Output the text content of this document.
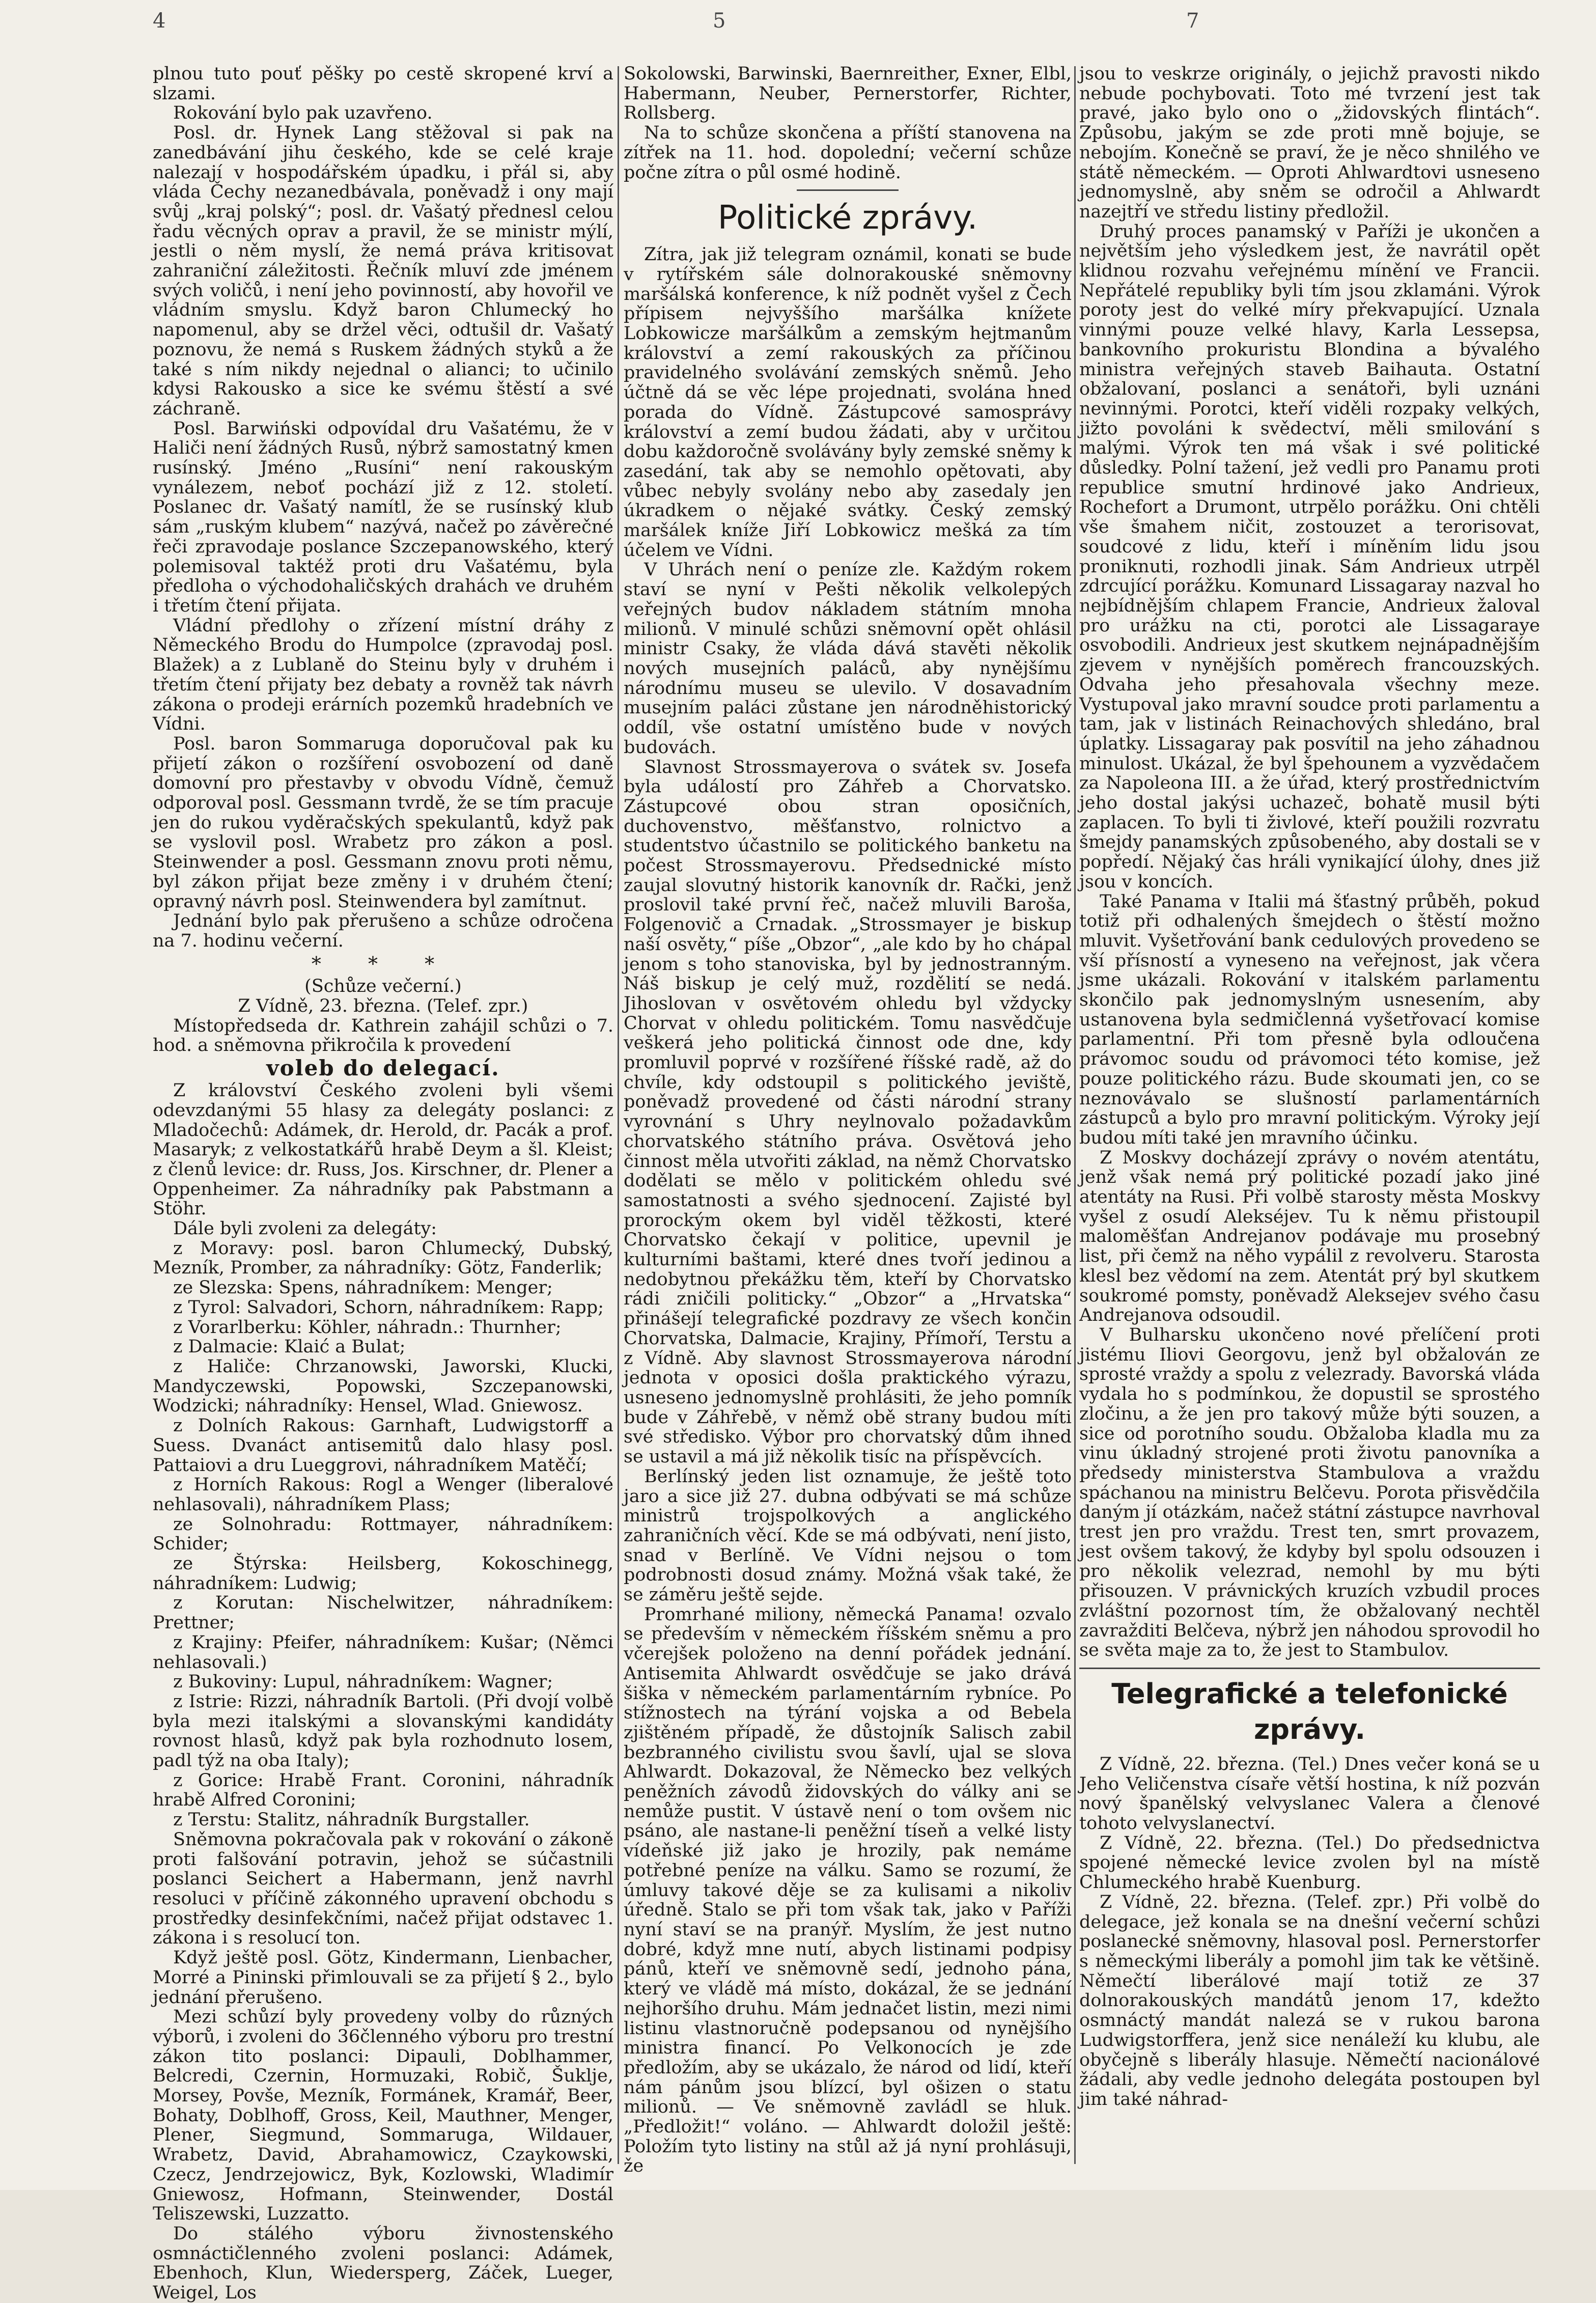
4	5	7

plnou tuto pouť pěšky po cestě skropené krví a slzami.

Rokování bylo pak uzavřeno.

Posl. dr. Hynek Lang stěžoval si pak na zanedbávání jihu českého, kde se celé kraje nalezají v hospodářském úpadku, i přál si, aby vláda Čechy nezanedbávala, poněvadž i ony mají svůj „kraj polský“; posl. dr. Vašatý přednesl celou řadu věcných oprav a pravil, že se ministr mýlí, jestli o něm myslí, že nemá práva kritisovat zahraniční záležitosti. Řečník mluví zde jménem svých voličů, i není jeho povinností, aby hovořil ve vládním smyslu. Když baron Chlumecký ho napomenul, aby se držel věci, odtušil dr. Vašatý poznovu, že nemá s Ruskem žádných styků a že také s ním nikdy nejednal o alianci; to učinilo kdysi Rakousko a sice ke svému štěstí a své záchraně.

Posl. Barwiński odpovídal dru Vašatému, že v Haliči není žádných Rusů, nýbrž samostatný kmen rusínský. Jméno „Rusíni“ není rakouským vynálezem, neboť pochází již z 12. století. Poslanec dr. Vašatý namítl, že se rusínský klub sám „ruským klubem“ nazývá, načež po závěrečné řeči zpravodaje poslance Szczepanowského, který polemisoval taktéž proti dru Vašatému, byla předloha o východohaličských drahách ve druhém i třetím čtení přijata.

Vládní předlohy o zřízení místní dráhy z Německého Brodu do Humpolce (zpravodaj posl. Blažek) a z Lublaně do Steinu byly v druhém i třetím čtení přijaty bez debaty a rovněž tak návrh zákona o prodeji erárních pozemků hradebních ve Vídni.

Posl. baron Sommaruga doporučoval pak ku přijetí zákon o rozšíření osvobození od daně domovní pro přestavby v obvodu Vídně, čemuž odporoval posl. Gessmann tvrdě, že se tím pracuje jen do rukou vyděračských spekulantů, když pak se vyslovil posl. Wrabetz pro zákon a posl. Steinwender a posl. Gessmann znovu proti němu, byl zákon přijat beze změny i v druhém čtení; opravný návrh posl. Steinwendera byl zamítnut.

Jednání bylo pak přerušeno a schůze odročena na 7. hodinu večerní.

* * *

(Schůze večerní.)

Z Vídně, 23. března. (Telef. zpr.)

Místopředseda dr. Kathrein zahájil schůzi o 7. hod. a sněmovna přikročila k provedení

voleb do delegací.

Z království Českého zvoleni byli všemi odevzdanými 55 hlasy za delegáty poslanci: z Mladočechů: Adámek, dr. Herold, dr. Pacák a prof. Masaryk; z velkostatkářů hrabě Deym a šl. Kleist; z členů levice: dr. Russ, Jos. Kirschner, dr. Plener a Oppenheimer. Za náhradníky pak Pabstmann a Stöhr.

Dále byli zvoleni za delegáty:

z Moravy: posl. baron Chlumecký, Dubský, Mezník, Promber, za náhradníky: Götz, Fanderlik;

ze Slezska: Spens, náhradníkem: Menger;

z Tyrol: Salvadori, Schorn, náhradníkem: Rapp;

z Vorarlberku: Köhler, náhradn.: Thurnher;

z Dalmacie: Klaić a Bulat;

z Haliče: Chrzanowski, Jaworski, Klucki, Mandyczewski, Popowski, Szczepanowski, Wodzicki; náhradníky: Hensel, Wlad. Gniewosz.

z Dolních Rakous: Garnhaft, Ludwigstorff a Suess. Dvanáct antisemitů dalo hlasy posl. Pattaiovi a dru Lueggrovi, náhradníkem Matěčí;

z Horních Rakous: Rogl a Wenger (liberalové nehlasovali), náhradníkem Plass;

ze Solnohradu: Rottmayer, náhradníkem: Schider;

ze Štýrska: Heilsberg, Kokoschinegg, náhradníkem: Ludwig;

z Korutan: Nischelwitzer, náhradníkem: Prettner;

z Krajiny: Pfeifer, náhradníkem: Kušar; (Němci nehlasovali.)

z Bukoviny: Lupul, náhradníkem: Wagner;

z Istrie: Rizzi, náhradník Bartoli. (Při dvojí volbě byla mezi italskými a slovanskými kandidáty rovnost hlasů, když pak byla rozhodnuto losem, padl týž na oba Italy);

z Gorice: Hrabě Frant. Coronini, náhradník hrabě Alfred Coronini;

z Terstu: Stalitz, náhradník Burgstaller.

Sněmovna pokračovala pak v rokování o zákoně proti falšování potravin, jehož se súčastnili poslanci Seichert a Habermann, jenž navrhl resoluci v příčině zákonného upravení obchodu s prostředky desinfekčními, načež přijat odstavec 1. zákona i s resolucí ton.

Když ještě posl. Götz, Kindermann, Lienbacher, Morré a Pininski přimlouvali se za přijetí § 2., bylo jednání přerušeno.

Mezi schůzí byly provedeny volby do různých výborů, i zvoleni do 36členného výboru pro trestní zákon tito poslanci: Dipauli, Doblhammer, Belcredi, Czernin, Hormuzaki, Robič, Šuklje, Morsey, Povše, Mezník, Formánek, Kramář, Beer, Bohaty, Doblhoff, Gross, Keil, Mauthner, Menger, Plener, Siegmund, Sommaruga, Wildauer, Wrabetz, David, Abrahamowicz, Czaykowski, Czecz, Jendrzejowicz, Byk, Kozlowski, Wladimír Gniewosz, Hofmann, Steinwender, Dostál Teliszewski, Luzzatto.

Do stálého výboru živnostenského osmnáctičlenného zvoleni poslanci: Adámek, Ebenhoch, Klun, Wiedersperg, Záček, Lueger, Weigel, Los

Sokolowski, Barwinski, Baernreither, Exner, Elbl, Habermann, Neuber, Pernerstorfer, Richter, Rollsberg.

Na to schůze skončena a příští stanovena na zítřek na 11. hod. dopolední; večerní schůze počne zítra o půl osmé hodině.

Politické zprávy.

Zítra, jak již telegram oznámil, konati se bude v rytířském sále dolnorakouské sněmovny maršálská konference, k níž podnět vyšel z Čech přípisem nejvyššího maršálka knížete Lobkowicze maršálkům a zemským hejtmanům království a zemí rakouských za příčinou pravidelného svolávání zemských sněmů. Jeho účtně dá se věc lépe projednati, svolána hned porada do Vídně. Zástupcové samosprávy království a zemí budou žádati, aby v určitou dobu každoročně svolávány byly zemské sněmy k zasedání, tak aby se nemohlo opětovati, aby vůbec nebyly svolány nebo aby zasedaly jen úkradkem o nějaké svátky. Český zemský maršálek kníže Jiří Lobkowicz mešká za tím účelem ve Vídni.

V Uhrách není o peníze zle. Každým rokem staví se nyní v Pešti několik velkolepých veřejných budov nákladem státním mnoha milionů. V minulé schůzi sněmovní opět ohlásil ministr Csaky, že vláda dává stavěti několik nových musejních paláců, aby nynějšímu národnímu museu se ulevilo. V dosavadním musejním paláci zůstane jen národněhistorický oddíl, vše ostatní umístěno bude v nových budovách.

Slavnost Strossmayerova o svátek sv. Josefa byla událostí pro Záhřeb a Chorvatsko. Zástupcové obou stran oposičních, duchovenstvo, měšťanstvo, rolnictvo a studentstvo účastnilo se politického banketu na počest Strossmayerovu. Předsednické místo zaujal slovutný historik kanovník dr. Rački, jenž proslovil také první řeč, načež mluvili Baroša, Folgenovič a Crnadak. „Strossmayer je biskup naší osvěty,“ píše „Obzor“, „ale kdo by ho chápal jenom s toho stanoviska, byl by jednostranným. Náš biskup je celý muž, rozdělití se nedá. Jihoslovan v osvětovém ohledu byl vždycky Chorvat v ohledu politickém. Tomu nasvědčuje veškerá jeho politická činnost ode dne, kdy promluvil poprvé v rozšířené říšské radě, až do chvíle, kdy odstoupil s politického jeviště, poněvadž provedené od části národní strany vyrovnání s Uhry neylnovalo požadavkům chorvatského státního práva. Osvětová jeho činnost měla utvořiti základ, na němž Chorvatsko dodělati se mělo v politickém ohledu své samostatnosti a svého sjednocení. Zajisté byl prorockým okem byl viděl těžkosti, které Chorvatsko čekají v politice, upevnil je kulturními baštami, které dnes tvoří jedinou a nedobytnou překážku těm, kteří by Chorvatsko rádi zničili politicky.“ „Obzor“ a „Hrvatska“ přinášejí telegrafické pozdravy ze všech končin Chorvatska, Dalmacie, Krajiny, Přímoří, Terstu a z Vídně. Aby slavnost Strossmayerova národní jednota v oposici došla praktického výrazu, usneseno jednomyslně prohlásiti, že jeho pomník bude v Záhřebě, v němž obě strany budou míti své středisko. Výbor pro chorvatský dům ihned se ustavil a má již několik tisíc na příspěvcích.

Berlínský jeden list oznamuje, že ještě toto jaro a sice již 27. dubna odbývati se má schůze ministrů trojspolkových a anglického zahraničních věcí. Kde se má odbývati, není jisto, snad v Berlíně. Ve Vídni nejsou o tom podrobnosti dosud známy. Možná však také, že se záměru ještě sejde.

Promrhané miliony, německá Panama! ozvalo se především v německém říšském sněmu a pro včerejšek položeno na denní pořádek jednání. Antisemita Ahlwardt osvědčuje se jako drává šiška v německém parlamentárním rybníce. Po stížnostech na týrání vojska a od Bebela zjištěném případě, že důstojník Salisch zabil bezbranného civilistu svou šavlí, ujal se slova Ahlwardt. Dokazoval, že Německo bez velkých peněžních závodů židovských do války ani se nemůže pustit. V ústavě není o tom ovšem nic psáno, ale nastane-li peněžní tíseň a velké listy vídeňské již jako je hrozily, pak nemáme potřebné peníze na válku. Samo se rozumí, že úmluvy takové děje se za kulisami a nikoliv úředně. Stalo se při tom však tak, jako v Paříži nyní staví se na pranýř. Myslím, že jest nutno dobré, když mne nutí, abych listinami podpisy pánů, kteří ve sněmovně sedí, jednoho pána, který ve vládě má místo, dokázal, že se jednání nejhoršího druhu. Mám jednačet listin, mezi nimi listinu vlastnoručně podepsanou od nynějšího ministra financí. Po Velkonocích je zde předložím, aby se ukázalo, že národ od lidí, kteří nám pánům jsou blízcí, byl ošizen o statu milionů. — Ve sněmovně zavládl se hluk. „Předložit!“ voláno. — Ahlwardt doložil ještě: Položím tyto listiny na stůl až já nyní prohlásuji, že

jsou to veskrze originály, o jejichž pravosti nikdo nebude pochybovati. Toto mé tvrzení jest tak pravé, jako bylo ono o „židovských flintách“. Způsobu, jakým se zde proti mně bojuje, se nebojím. Konečně se praví, že je něco shnilého ve státě německém. — Oproti Ahlwardtovi usneseno jednomyslně, aby sněm se odročil a Ahlwardt nazejtří ve středu listiny předložil.

Druhý proces panamský v Paříži je ukončen a největším jeho výsledkem jest, že navrátil opět klidnou rozvahu veřejnému mínění ve Francii. Nepřátelé republiky byli tím jsou zklamáni. Výrok poroty jest do velké míry překvapující. Uznala vinnými pouze velké hlavy, Karla Lessepsa, bankovního prokuristu Blondina a bývalého ministra veřejných staveb Baihauta. Ostatní obžalovaní, poslanci a senátoři, byli uznáni nevinnými. Porotci, kteří viděli rozpaky velkých, jižto povoláni k svědectví, měli smilování s malými. Výrok ten má však i své politické důsledky. Polní tažení, jež vedli pro Panamu proti republice smutní hrdinové jako Andrieux, Rochefort a Drumont, utrpělo porážku. Oni chtěli vše šmahem ničit, zostouzet a terorisovat, soudcové z lidu, kteří i míněním lidu jsou proniknuti, rozhodli jinak. Sám Andrieux utrpěl zdrcující porážku. Komunard Lissagaray nazval ho nejbídnějším chlapem Francie, Andrieux žaloval pro urážku na cti, porotci ale Lissagaraye osvobodili. Andrieux jest skutkem nejnápadnějším zjevem v nynějších poměrech francouzských. Odvaha jeho přesahovala všechny meze. Vystupoval jako mravní soudce proti parlamentu a tam, jak v listinách Reinachových shledáno, bral úplatky. Lissagaray pak posvítil na jeho záhadnou minulost. Ukázal, že byl špehounem a vyzvědačem za Napoleona III. a že úřad, který prostřednictvím jeho dostal jakýsi uchazeč, bohatě musil býti zaplacen. To byli ti živlové, kteří použili rozvratu šmejdy panamských způsobeného, aby dostali se v popředí. Nějaký čas hráli vynikající úlohy, dnes již jsou v koncích.

Také Panama v Italii má šťastný průběh, pokud totiž při odhalených šmejdech o štěstí možno mluvit. Vyšetřování bank cedulových provedeno se vší přísností a vyneseno na veřejnost, jak včera jsme ukázali. Rokování v italském parlamentu skončilo pak jednomyslným usnesením, aby ustanovena byla sedmičlenná vyšetřovací komise parlamentní. Při tom přesně byla odloučena právomoc soudu od právomoci této komise, jež pouze politického rázu. Bude skoumati jen, co se neznovávalo se slušností parlamentárních zástupců a bylo pro mravní politickým. Výroky její budou míti také jen mravního účinku.

Z Moskvy docházejí zprávy o novém atentátu, jenž však nemá prý politické pozadí jako jiné atentáty na Rusi. Při volbě starosty města Moskvy vyšel z osudí Alekséjev. Tu k němu přistoupil maloměšťan Andrejanov podávaje mu prosebný list, při čemž na něho vypálil z revolveru. Starosta klesl bez vědomí na zem. Atentát prý byl skutkem soukromé pomsty, poněvadž Aleksejev svého času Andrejanova odsoudil.

V Bulharsku ukončeno nové přelíčení proti jistému Iliovi Georgovu, jenž byl obžalován ze sprosté vraždy a spolu z velezrady. Bavorská vláda vydala ho s podmínkou, že dopustil se sprostého zločinu, a že jen pro takový může býti souzen, a sice od porotního soudu. Obžaloba kladla mu za vinu úkladný strojené proti životu panovníka a předsedy ministerstva Stambulova a vraždu spáchanou na ministru Belčevu. Porota přisvědčila daným jí otázkám, načež státní zástupce navrhoval trest jen pro vraždu. Trest ten, smrt provazem, jest ovšem takový, že kdyby byl spolu odsouzen i pro několik velezrad, nemohl by mu býti přisouzen. V právnických kruzích vzbudil proces zvláštní pozornost tím, že obžalovaný nechtěl zavražditi Belčeva, nýbrž jen náhodou sprovodil ho se světa maje za to, že jest to Stambulov.

Telegrafické a telefonické zprávy.

Z Vídně, 22. března. (Tel.) Dnes večer koná se u Jeho Veličenstva císaře větší hostina, k níž pozván nový španělský velvyslanec Valera a členové tohoto velvyslanectví.

Z Vídně, 22. března. (Tel.) Do předsednictva spojené německé levice zvolen byl na místě Chlumeckého hrabě Kuenburg.

Z Vídně, 22. března. (Telef. zpr.) Při volbě do delegace, jež konala se na dnešní večerní schůzi poslanecké sněmovny, hlasoval posl. Pernerstorfer s německými liberály a pomohl jim tak ke většině. Němečtí liberálové mají totiž ze 37 dolnorakouských mandátů jenom 17, kdežto osmnáctý mandát nalezá se v rukou barona Ludwigstorffera, jenž sice nenáleží ku klubu, ale obyčejně s liberály hlasuje. Němečtí nacionálové žádali, aby vedle jednoho delegáta postoupen byl jim také náhrad-
